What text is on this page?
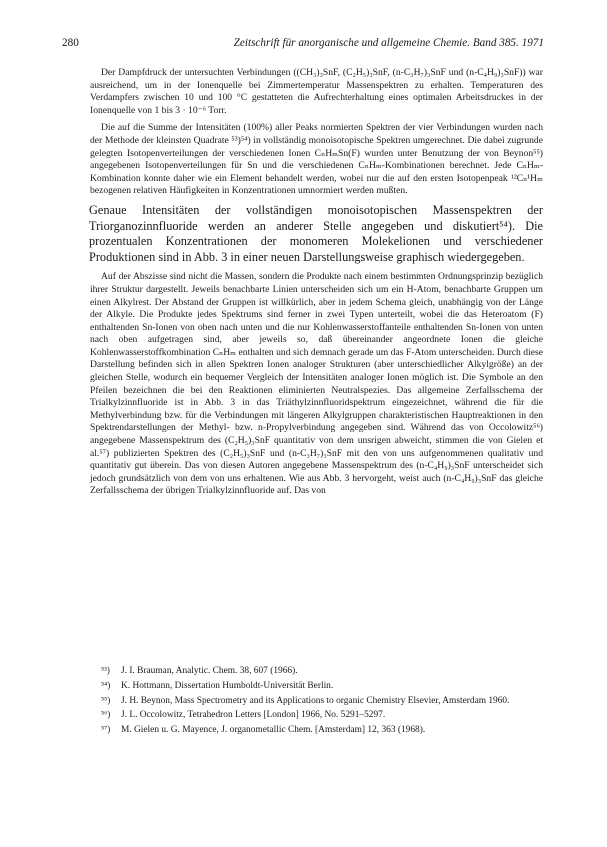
280	Zeitschrift für anorganische und allgemeine Chemie. Band 385. 1971

Der Dampfdruck der untersuchten Verbindungen ((CH₃)₃SnF, (C₂H₅)₃SnF, (n-C₃H₇)₃SnF und (n-C₄H₉)₃SnF)) war ausreichend, um in der Ionenquelle bei Zimmertemperatur Massenspektren zu erhalten. Temperaturen des Verdampfers zwischen 10 und 100 °C gestatteten die Aufrechterhaltung eines optimalen Arbeitsdruckes in der Ionenquelle von 1 bis 3 · 10⁻⁶ Torr.

Die auf die Summe der Intensitäten (100%) aller Peaks normierten Spektren der vier Verbindungen wurden nach der Methode der kleinsten Quadrate ⁵³)⁵⁴) in vollständig monoisotopische Spektren umgerechnet. Die dabei zugrunde gelegten Isotopenverteilungen der verschiedenen Ionen CₙHₘSn(F) wurden unter Benutzung der von Beynon⁵⁵) angegebenen Isotopenverteilungen für Sn und die verschiedenen CₙHₘ-Kombinationen berechnet. Jede CₙHₘ-Kombination konnte daher wie ein Element behandelt werden, wobei nur die auf den ersten Isotopenpeak ¹²Cₙ¹Hₘ bezogenen relativen Häufigkeiten in Konzentrationen umnormiert werden mußten.

Genaue Intensitäten der vollständigen monoisotopischen Massenspektren der Triorganozinnfluoride werden an anderer Stelle angegeben und diskutiert⁵⁴). Die prozentualen Konzentrationen der monomeren Molekelionen und verschiedener Produktionen sind in Abb. 3 in einer neuen Darstellungsweise graphisch wiedergegeben.

Auf der Abszisse sind nicht die Massen, sondern die Produkte nach einem bestimmten Ordnungsprinzip bezüglich ihrer Struktur dargestellt. Jeweils benachbarte Linien unterscheiden sich um ein H-Atom, benachbarte Gruppen um einen Alkylrest. Der Abstand der Gruppen ist willkürlich, aber in jedem Schema gleich, unabhängig von der Länge der Alkyle. Die Produkte jedes Spektrums sind ferner in zwei Typen unterteilt, wobei die das Heteroatom (F) enthaltenden Sn-Ionen von oben nach unten und die nur Kohlenwasserstoffanteile enthaltenden Sn-Ionen von unten nach oben aufgetragen sind, aber jeweils so, daß übereinander angeordnete Ionen die gleiche Kohlenwasserstoffkombination CₙHₘ enthalten und sich demnach gerade um das F-Atom unterscheiden. Durch diese Darstellung befinden sich in allen Spektren Ionen analoger Strukturen (aber unterschiedlicher Alkylgröße) an der gleichen Stelle, wodurch ein bequemer Vergleich der Intensitäten analoger Ionen möglich ist. Die Symbole an den Pfeilen bezeichnen die bei den Reaktionen eliminierten Neutralspezies. Das allgemeine Zerfallsschema der Trialkylzinnfluoride ist in Abb. 3 in das Triäthylzinnfluoridspektrum eingezeichnet, während die für die Methylverbindung bzw. für die Verbindungen mit längeren Alkylgruppen charakteristischen Hauptreaktionen in den Spektrendarstellungen der Methyl- bzw. n-Propylverbindung angegeben sind. Während das von Occolowitz⁵⁶) angegebene Massenspektrum des (C₂H₅)₃SnF quantitativ von dem unsrigen abweicht, stimmen die von Gielen et al.⁵⁷) publizierten Spektren des (C₂H₅)₃SnF und (n-C₃H₇)₃SnF mit den von uns aufgenommenen qualitativ und quantitativ gut überein. Das von diesen Autoren angegebene Massenspektrum des (n-C₄H₉)₃SnF unterscheidet sich jedoch grundsätzlich von dem von uns erhaltenen. Wie aus Abb. 3 hervorgeht, weist auch (n-C₄H₉)₃SnF das gleiche Zerfallsschema der übrigen Trialkylzinnfluoride auf. Das von

⁵³)	J. I. Brauman, Analytic. Chem. 38, 607 (1966).
⁵⁴)	K. Hottmann, Dissertation Humboldt-Universität Berlin.
⁵⁵)	J. H. Beynon, Mass Spectrometry and its Applications to organic Chemistry Elsevier, Amsterdam 1960.
⁵⁶)	J. L. Occolowitz, Tetrahedron Letters [London] 1966, No. 5291–5297.
⁵⁷)	M. Gielen u. G. Mayence, J. organometallic Chem. [Amsterdam] 12, 363 (1968).
